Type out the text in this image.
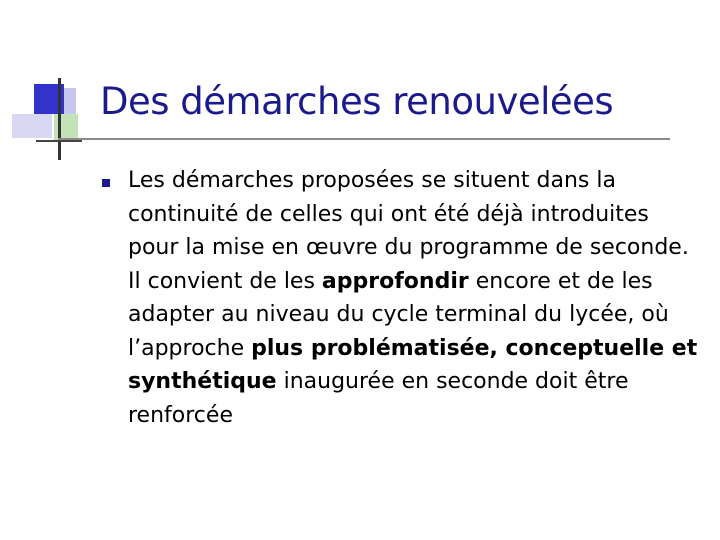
Des démarches renouvelées
Les démarches proposées se situent dans la continuité de celles qui ont été déjà introduites pour la mise en œuvre du programme de seconde. Il convient de les approfondir encore et de les adapter au niveau du cycle terminal du lycée, où l’approche plus problématisée, conceptuelle et synthétique inaugurée en seconde doit être renforcée
